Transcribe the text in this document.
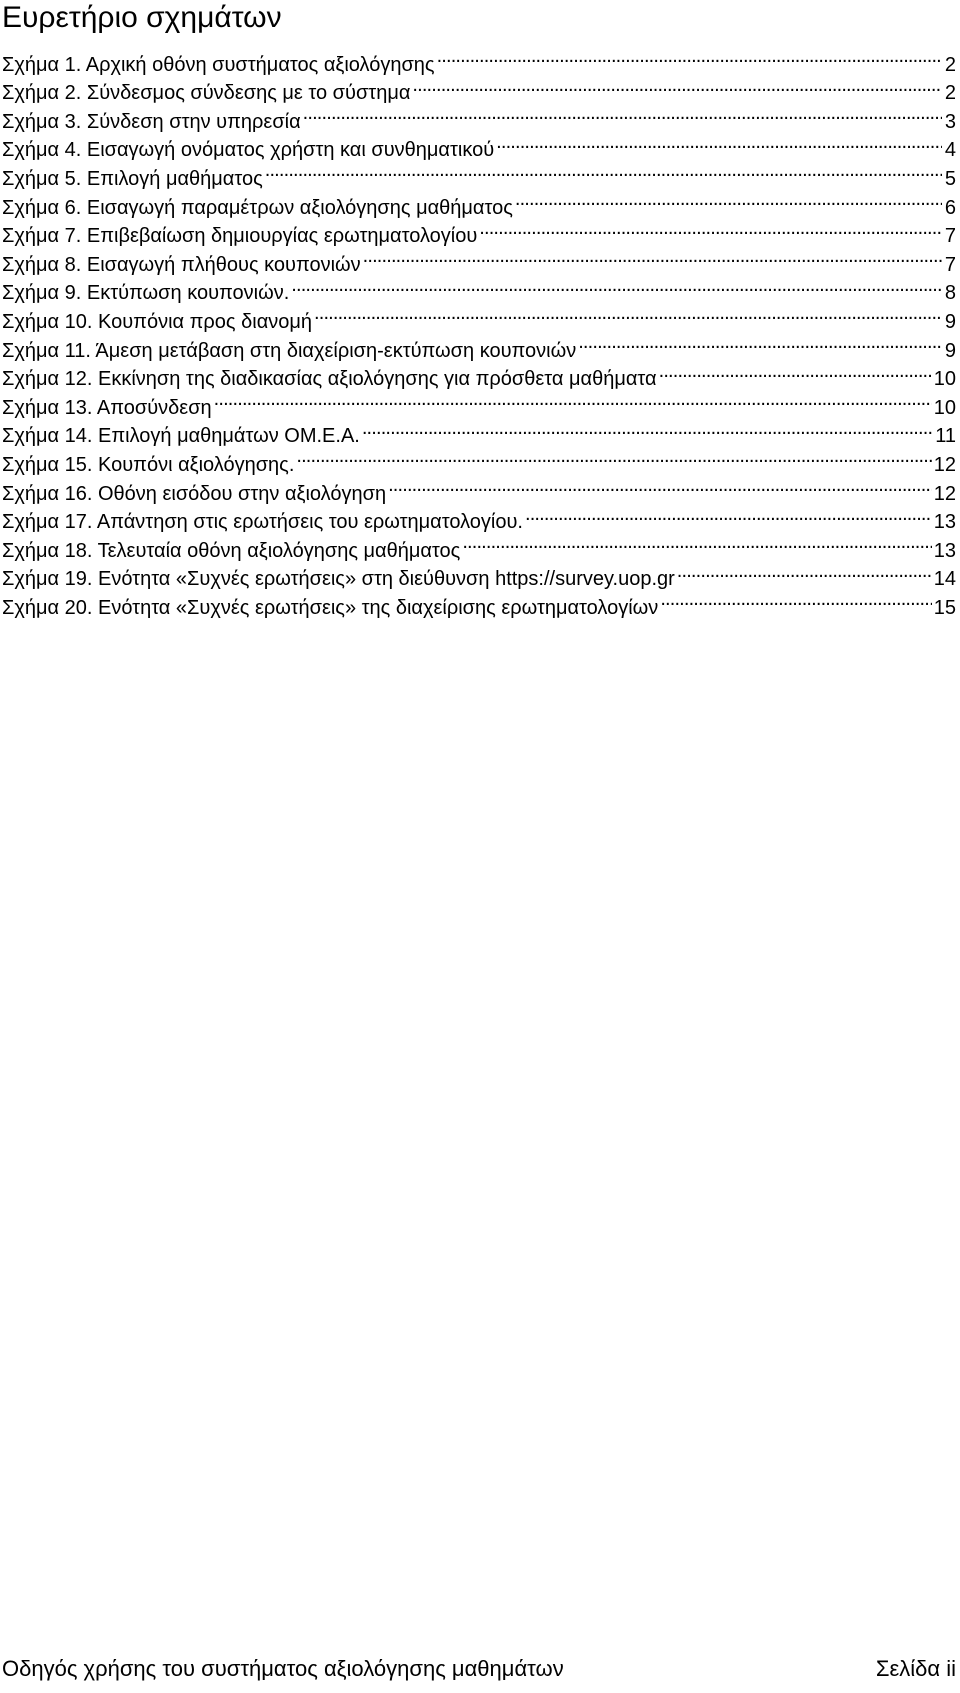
Ευρετήριο σχημάτων
Σχήμα 1. Αρχική οθόνη συστήματος αξιολόγησης . . .	2
Σχήμα 2. Σύνδεσμος σύνδεσης με το σύστημα . . .	2
Σχήμα 3. Σύνδεση στην υπηρεσία . . .	3
Σχήμα 4. Εισαγωγή ονόματος χρήστη και συνθηματικού . . .	4
Σχήμα 5. Επιλογή μαθήματος . . .	5
Σχήμα 6. Εισαγωγή παραμέτρων αξιολόγησης μαθήματος . . .	6
Σχήμα 7. Επιβεβαίωση δημιουργίας ερωτηματολογίου . . .	7
Σχήμα 8. Εισαγωγή πλήθους κουπονιών . . .	7
Σχήμα 9. Εκτύπωση κουπονιών. . . .	8
Σχήμα 10. Κουπόνια προς διανομή . . .	9
Σχήμα 11. Άμεση μετάβαση στη διαχείριση-εκτύπωση κουπονιών . . .	9
Σχήμα 12. Εκκίνηση της διαδικασίας αξιολόγησης για πρόσθετα μαθήματα . . .	10
Σχήμα 13. Αποσύνδεση . . .	10
Σχήμα 14. Επιλογή μαθημάτων ΟΜ.Ε.Α. . . .	11
Σχήμα 15. Κουπόνι αξιολόγησης. . . .	12
Σχήμα 16. Οθόνη εισόδου στην αξιολόγηση . . .	12
Σχήμα 17. Απάντηση στις ερωτήσεις του ερωτηματολογίου. . . .	13
Σχήμα 18. Τελευταία οθόνη αξιολόγησης μαθήματος . . .	13
Σχήμα 19. Ενότητα «Συχνές ερωτήσεις» στη διεύθυνση https://survey.uop.gr . . .	14
Σχήμα 20. Ενότητα «Συχνές ερωτήσεις» της διαχείρισης ερωτηματολογίων . . .	15
Οδηγός χρήσης του συστήματος αξιολόγησης μαθημάτων	Σελίδα ii
